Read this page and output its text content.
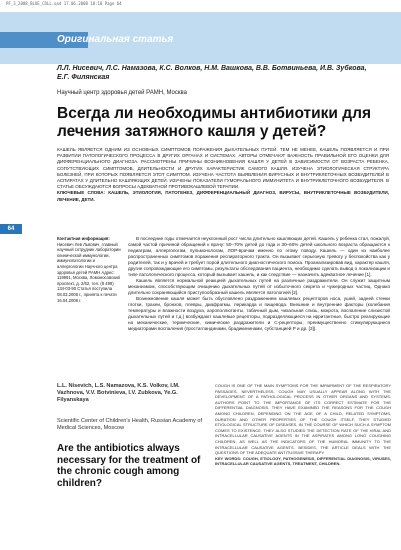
PF_3_2008_BLUE_COLL.qxd 17.06.2008 18:18 Page 64
Оригинальная статья
Л.Л. Нисевич, Л.С. Намазова, К.С. Волков, Н.М. Вашкова, В.В. Ботвиньева, И.В. Зубкова, Е.Г. Филянская
Научный центр здоровья детей РАМН, Москва
Всегда ли необходимы антибиотики для лечения затяжного кашля у детей?
КАШЕЛЬ ЯВЛЯЕТСЯ ОДНИМ ИЗ ОСНОВНЫХ СИМПТОМОВ ПОРАЖЕНИЯ ДЫХАТЕЛЬНЫХ ПУТЕЙ. ТЕМ НЕ МЕНЕЕ, КАШЕЛЬ ПОЯВЛЯЕТСЯ И ПРИ РАЗВИТИИ ПАТОЛОГИЧЕСКОГО ПРОЦЕССА В ДРУГИХ ОРГАНАХ И СИСТЕМАХ. АВТОРЫ ОТМЕЧАЮТ ВАЖНОСТЬ ПРАВИЛЬНОЙ ЕГО ОЦЕНКИ ДЛЯ ДИФФЕРЕНЦИАЛЬНОГО ДИАГНОЗА. РАССМОТРЕНЫ ПРИЧИНЫ ВОЗНИКНОВЕНИЯ КАШЛЯ У ДЕТЕЙ В ЗАВИСИМОСТИ ОТ ВОЗРАСТА РЕБЕНКА, СОПУТСТВУЮЩИХ СИМПТОМОВ, ДЛИТЕЛЬНОСТИ И ДРУГИХ ХАРАКТЕРИСТИК САМОГО КАШЛЯ. ИЗУЧЕНА ЭТИОЛОГИЧЕСКАЯ СТРУКТУРА БОЛЕЗНЕЙ, ПРИ КОТОРЫХ ПОЯВЛЯЕТСЯ ЭТОТ СИМПТОМ. ИЗУЧЕНА ЧАСТОТА ВЫЯВЛЕНИЯ ВИРУСНЫХ И ВНУТРИКЛЕТОЧНЫХ ВОЗБУДИТЕЛЕЙ В АСПИРАТАХ У ДЛИТЕЛЬНО КАШЛЯЮЩИХ ДЕТЕЙ. ИЗУЧЕНЫ ПОКАЗАТЕЛИ ГУМОРАЛЬНОГО ИММУНИТЕТА И ВНУТРИКЛЕТОЧНОГО ВОЗБУДИТЕЛЯ. В СТАТЬЕ ОБСУЖДАЮТСЯ ВОПРОСЫ АДЕКВАТНОЙ ПРОТИВОКАШЛЕВОЙ ТЕРАПИИ.
КЛЮЧЕВЫЕ СЛОВА: КАШЕЛЬ, ЭТИОЛОГИЯ, ПАТОГЕНЕЗ, ДИФФЕРЕНЦИАЛЬНЫЙ ДИАГНОЗ, ВИРУСЫ, ВНУТРИКЛЕТОЧНЫЕ ВОЗБУДИТЕЛИ, ЛЕЧЕНИЕ, ДЕТИ.
64
Контактная информация:
Нисевич Лев Львович, главный научный сотрудник лаборатории клинической иммунологии, иммунопатологии и аллергологии Научного центра здоровья детей РАМН Адрес: 119991, Москва, Ломоносовский проспект, д. 2/62, тел. (8 499) 134-03-90 Статья поступила 08.03.2008 г., принята к печати 16.04.2008 г.

В последние годы отмечается неуклонный рост числа длительно кашляющих детей. Кашель у ребенка стал, пожалуй, самой частой причиной обращений к врачу: 50–70% детей до года и 30–60% детей школьного возраста обращаются к педиатрам, аллергологам, пульмонологам, ЛОР-врачам именно по этому поводу. Кашель — один из наиболее распространенных симптомов поражения респираторного тракта. Он вызывает серьезную тревогу у беспокойства как у родителей, так и у врачей и требует порой длительного диагностического поиска. Проанализировав вид, характер кашля, другие сопровождающие его симптомы, результаты обследования пациента, необходимо сделать вывод о локализации и типе патологического процесса, который вызывает кашель, и как следствие — назначить адекватное лечение [1].

Кашель является нормальной реакцией дыхательных путей на различные раздражители. Он служит защитным механизмом, способствующим очищению дыхательных путей от избыточного секрета и чужеродных частиц. Однако длительно сохраняющийся приступообразный кашель является патологией [2].

Возникновение кашля может быть обусловлено раздражением кашлевых рецепторов носа, ушей, задней стенки глотки, трахеи, бронхов, плевры, диафрагмы, перикарда и пищевода. Внешние и внутренние факторы (колебания температуры и влажности воздуха, аэрополлютанты, табачный дым, чихальная слизь, мокрота, воспаление слизистой дыхательных путей и т.д.) возбуждают кашлевые рецепторы, подразделяющиеся на ирритантные, быстро реагирующие на механические, термические, химические раздражители и C-рецепторы, преимущественно стимулирующиеся медиаторами воспаления (простагландинами, брадикининами, субстанцией Р и др. [3]).

L.L. Nisevich, L.S. Namazova, K.S. Volkov, I.M. Vazhnova, V.V. Botvinieva, I.V. Zubkova, Ye.G. Filyanskaya
Scientific Center of Children's Health, Russian Academy of Medical Sciences, Moscow
Are the antibiotics always necessary for the treatment of the chronic cough among children?
COUGH IS ONE OF THE MAIN SYMPTOMS FOR THE IMPAIRMENT OF THE RESPIRATORY PASSAGES. NEVERTHELESS, COUGH MAY USUALLY APPEAR ALONG WITH THE DEVELOPMENT OF A PATHOLOGICAL PROCESS IN OTHER ORGANS AND SYSTEMS. AUTHORS POINT TO THE IMPORTANCE OF ITS CORRECT ESTIMATE FOR THE DIFFERENTIAL DIAGNOSIS. THEY HAVE EXAMINED THE REASONS FOR THE COUGH AMONG CHILDREN, DEPENDING ON THE AGE OF A CHILD, RELATED SYMPTOMS, DURATION AND OTHER PROPERTIES OF THE COUGH ITSELF. THEY STUDIED ETIOLOGICAL STRUCTURE OF DISEASES, IN THE COURSE OF WHICH SUCH A SYMPTOM COMES TO EXISTENCE. THEY ALSO STUDIED THE DETECTION RATE OF THE VIRAL AND INTRACELLULAR CAUSATIVE AGENTS IN THE ASPIRATES AMONG LONG COUGHING CHILDREN, AS WELL AS THE INDICATORS OF THE HUMORAL IMMUNITY TO THE INTRACELLULAR CAUSATIVE AGENTS. BESIDES, THE ARTICLE DEALS WITH THE QUESTIONS OF THE ADEQUATE ANTITUSSIVE THERAPY.
KEY WORDS: COUGH, ETIOLOGY, PATHOGENESIS, DIFFERENTIAL DIAGNOSIS, VIRUSES, INTRACELLULAR CAUSATIVE AGENTS, TREATMENT, CHILDREN.
